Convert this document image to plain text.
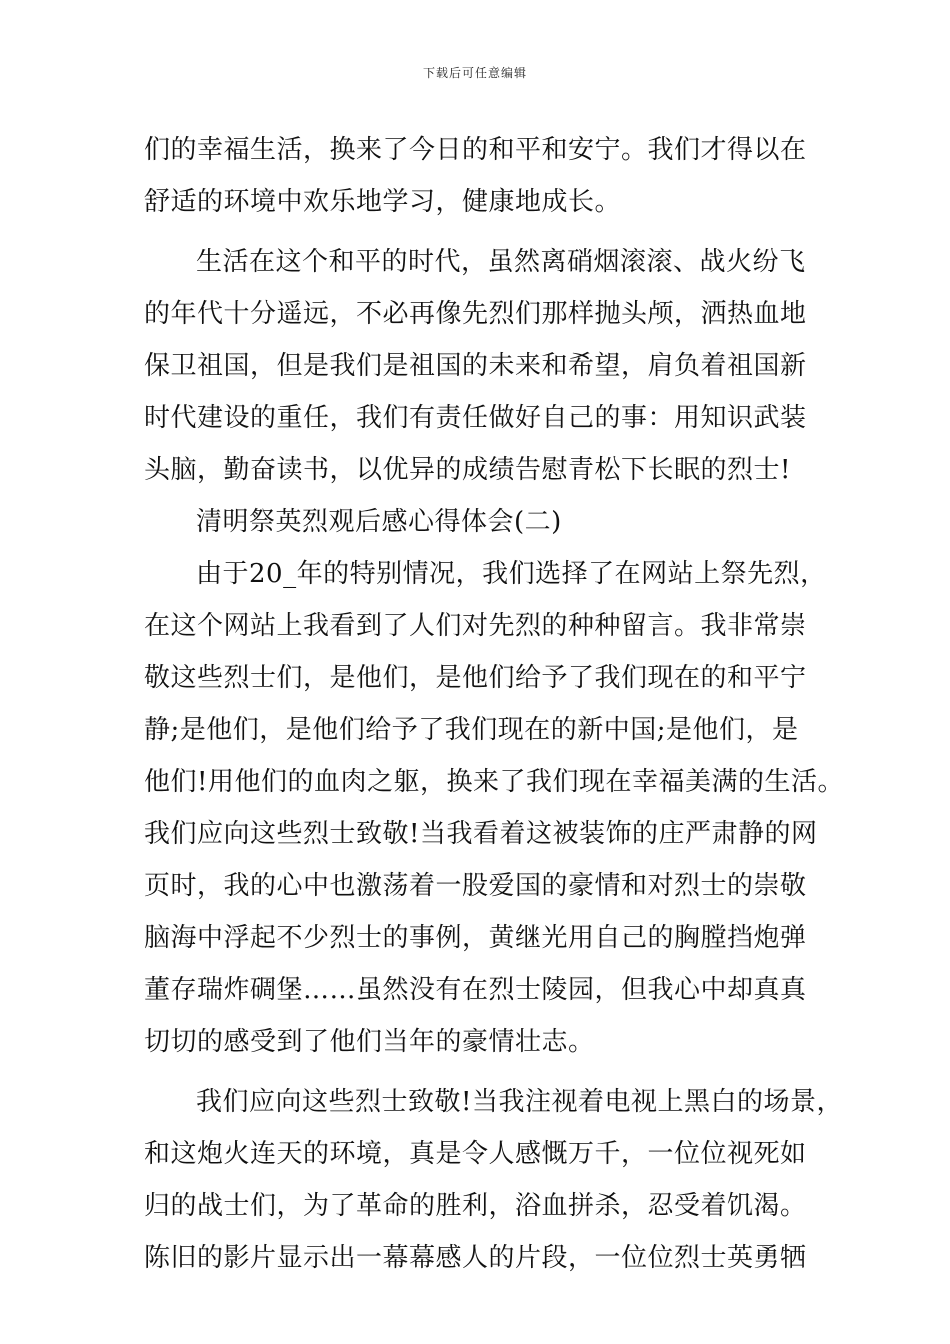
下载后可任意编辑
们的幸福生活，换来了今日的和平和安宁。我们才得以在
舒适的环境中欢乐地学习，健康地成长。
生活在这个和平的时代，虽然离硝烟滚滚、战火纷飞
的年代十分遥远，不必再像先烈们那样抛头颅，洒热血地
保卫祖国，但是我们是祖国的未来和希望，肩负着祖国新
时代建设的重任，我们有责任做好自己的事：用知识武装
头脑，勤奋读书，以优异的成绩告慰青松下长眠的烈士!
清明祭英烈观后感心得体会(二)
由于20_年的特别情况，我们选择了在网站上祭先烈，
在这个网站上我看到了人们对先烈的种种留言。我非常崇
敬这些烈士们，是他们，是他们给予了我们现在的和平宁
静;是他们，是他们给予了我们现在的新中国;是他们，是
他们!用他们的血肉之躯，换来了我们现在幸福美满的生活。
我们应向这些烈士致敬!当我看着这被装饰的庄严肃静的网
页时，我的心中也激荡着一股爱国的豪情和对烈士的崇敬
脑海中浮起不少烈士的事例，黄继光用自己的胸膛挡炮弹
董存瑞炸碉堡……虽然没有在烈士陵园，但我心中却真真
切切的感受到了他们当年的豪情壮志。
我们应向这些烈士致敬!当我注视着电视上黑白的场景，
和这炮火连天的环境，真是令人感慨万千，一位位视死如
归的战士们，为了革命的胜利，浴血拼杀，忍受着饥渴。
陈旧的影片显示出一幕幕感人的片段，一位位烈士英勇牺
